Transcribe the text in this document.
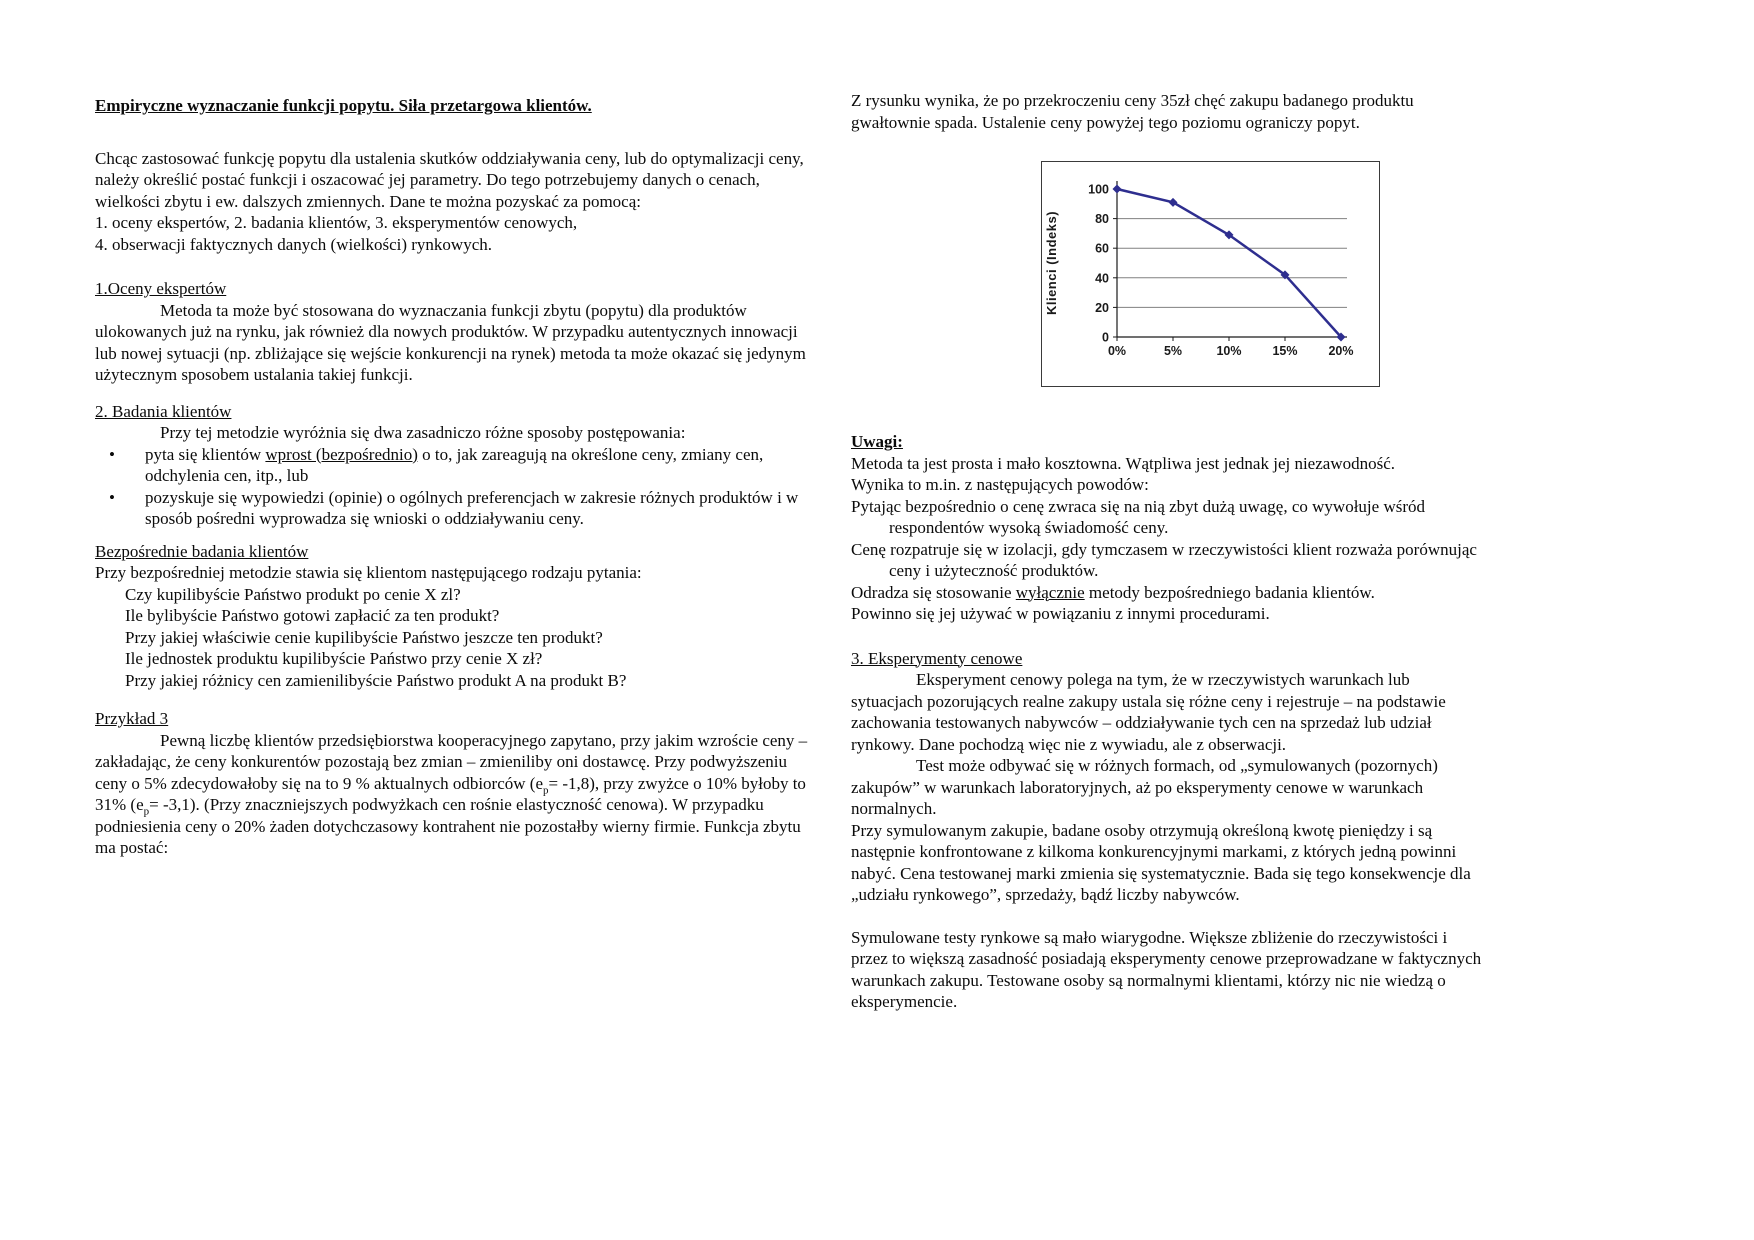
Empiryczne wyznaczanie funkcji popytu. Siła przetargowa klientów.

Chcąc zastosować funkcję popytu dla ustalenia skutków oddziaływania ceny, lub do optymalizacji ceny, należy określić postać funkcji i oszacować jej parametry. Do tego potrzebujemy danych o cenach, wielkości zbytu i ew. dalszych zmiennych. Dane te można pozyskać za pomocą:

1. oceny ekspertów, 2. badania klientów, 3. eksperymentów cenowych,

4. obserwacji faktycznych danych (wielkości) rynkowych.

1.Oceny ekspertów

Metoda ta może być stosowana do wyznaczania funkcji zbytu (popytu) dla produktów ulokowanych już na rynku, jak również dla nowych produktów. W przypadku autentycznych innowacji lub nowej sytuacji (np. zbliżające się wejście konkurencji na rynek) metoda ta może okazać się jedynym użytecznym sposobem ustalania takiej funkcji.

2. Badania klientów

Przy tej metodzie wyróżnia się dwa zasadniczo różne sposoby postępowania:

• pyta się klientów wprost (bezpośrednio) o to, jak zareagują na określone ceny, zmiany cen, odchylenia cen, itp., lub
• pozyskuje się wypowiedzi (opinie) o ogólnych preferencjach w zakresie różnych produktów i w sposób pośredni wyprowadza się wnioski o oddziaływaniu ceny.

Bezpośrednie badania klientów

Przy bezpośredniej metodzie stawia się klientom następującego rodzaju pytania:

Czy kupilibyście Państwo produkt po cenie X zl?

Ile bylibyście Państwo gotowi zapłacić za ten produkt?

Przy jakiej właściwie cenie kupilibyście Państwo jeszcze ten produkt?

Ile jednostek produktu kupilibyście Państwo przy cenie X zł?

Przy jakiej różnicy cen zamienilibyście Państwo produkt A na produkt B?

Przykład 3

Pewną liczbę klientów przedsiębiorstwa kooperacyjnego zapytano, przy jakim wzroście ceny – zakładając, że ceny konkurentów pozostają bez zmian – zmieniliby oni dostawcę. Przy podwyższeniu ceny o 5% zdecydowałoby się na to 9 % aktualnych odbiorców $(e_p= -1,8)$, przy zwyżce o 10% byłoby to 31% $(e_p= -3,1)$. (Przy znaczniejszych podwyżkach cen rośnie elastyczność cenowa). W przypadku podniesienia ceny o 20% żaden dotychczasowy kontrahent nie pozostałby wierny firmie. Funkcja zbytu ma postać:

Z rysunku wynika, że po przekroczeniu ceny 35zł chęć zakupu badanego produktu gwałtownie spada. Ustalenie ceny powyżej tego poziomu ograniczy popyt.

0
20
40
60
80
100
0%	5%	10% 15% 20%
Klienci (Indeks)

Uwagi:

Metoda ta jest prosta i mało kosztowna. Wątpliwa jest jednak jej niezawodność.

Wynika to m.in. z następujących powodów:

Pytając bezpośrednio o cenę zwraca się na nią zbyt dużą uwagę, co wywołuje wśród respondentów wysoką świadomość ceny.

Cenę rozpatruje się w izolacji, gdy tymczasem w rzeczywistości klient rozważa porównując ceny i użyteczność produktów.

Odradza się stosowanie wyłącznie metody bezpośredniego badania klientów.

Powinno się jej używać w powiązaniu z innymi procedurami.

3. Eksperymenty cenowe

Eksperyment cenowy polega na tym, że w rzeczywistych warunkach lub sytuacjach pozorujących realne zakupy ustala się różne ceny i rejestruje – na podstawie zachowania testowanych nabywców – oddziaływanie tych cen na sprzedaż lub udział rynkowy. Dane pochodzą więc nie z wywiadu, ale z obserwacji.

Test może odbywać się w różnych formach, od „symulowanych (pozornych) zakupów” w warunkach laboratoryjnych, aż po eksperymenty cenowe w warunkach normalnych.

Przy symulowanym zakupie, badane osoby otrzymują określoną kwotę pieniędzy i są następnie konfrontowane z kilkoma konkurencyjnymi markami, z których jedną powinni nabyć. Cena testowanej marki zmienia się systematycznie. Bada się tego konsekwencje dla „udziału rynkowego”, sprzedaży, bądź liczby nabywców.

Symulowane testy rynkowe są mało wiarygodne. Większe zbliżenie do rzeczywistości i przez to większą zasadność posiadają eksperymenty cenowe przeprowadzane w faktycznych warunkach zakupu. Testowane osoby są normalnymi klientami, którzy nic nie wiedzą o eksperymencie.
